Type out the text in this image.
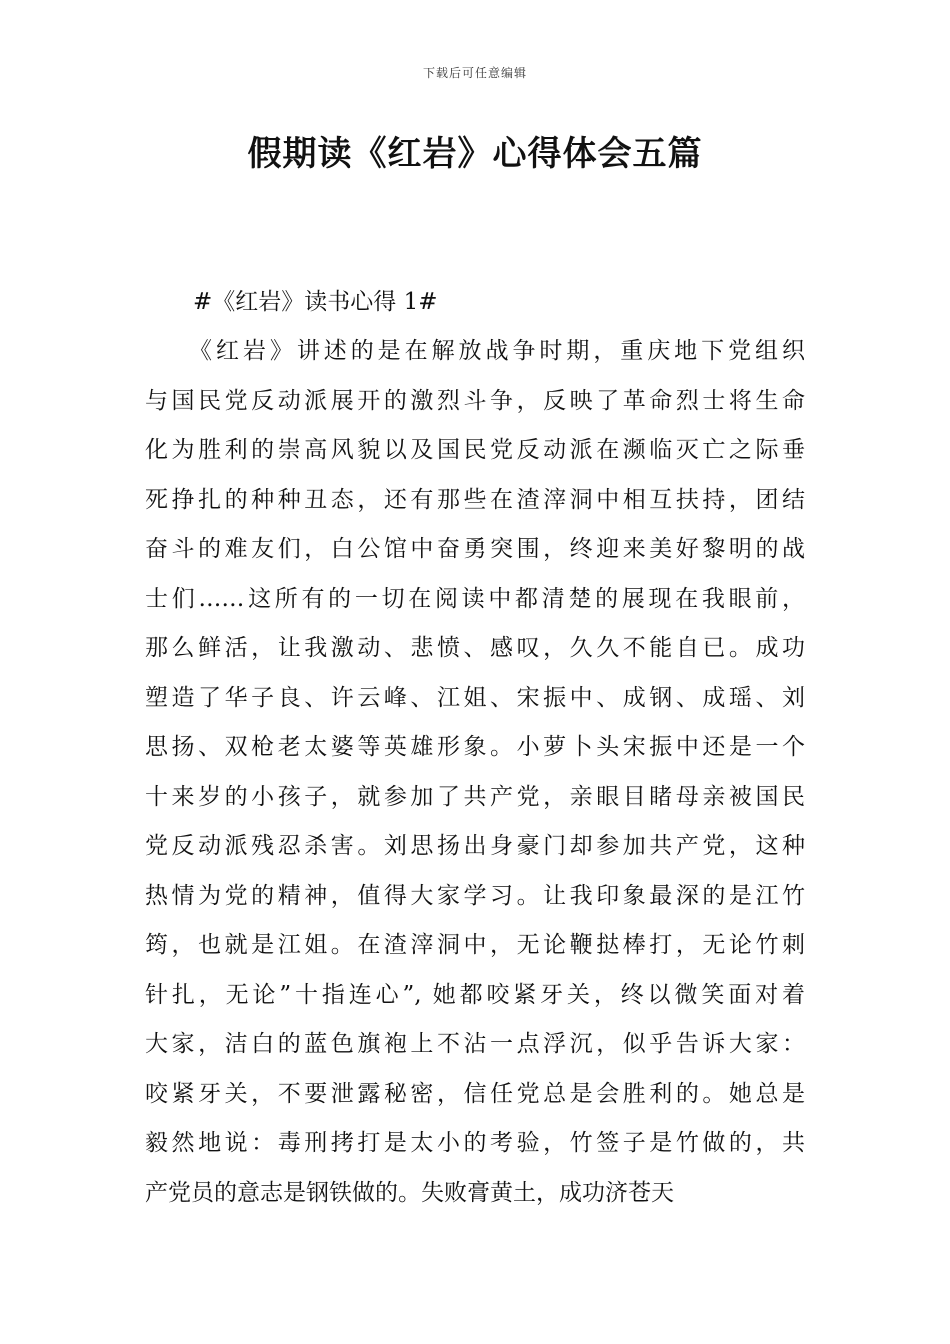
下载后可任意编辑
假期读《红岩》心得体会五篇
#《红岩》读书心得 1#
《红岩》讲述的是在解放战争时期，重庆地下党组织
与国民党反动派展开的激烈斗争，反映了革命烈士将生命
化为胜利的崇高风貌以及国民党反动派在濒临灭亡之际垂
死挣扎的种种丑态，还有那些在渣滓洞中相互扶持，团结
奋斗的难友们，白公馆中奋勇突围，终迎来美好黎明的战
士们……这所有的一切在阅读中都清楚的展现在我眼前，
那么鲜活，让我激动、悲愤、感叹，久久不能自已。成功
塑造了华子良、许云峰、江姐、宋振中、成钢、成瑶、刘
思扬、双枪老太婆等英雄形象。小萝卜头宋振中还是一个
十来岁的小孩子，就参加了共产党，亲眼目睹母亲被国民
党反动派残忍杀害。刘思扬出身豪门却参加共产党，这种
热情为党的精神，值得大家学习。让我印象最深的是江竹
筠，也就是江姐。在渣滓洞中，无论鞭挞棒打，无论竹刺
针扎，无论”十指连心”, 她都咬紧牙关，终以微笑面对着
大家，洁白的蓝色旗袍上不沾一点浮沉，似乎告诉大家：
咬紧牙关，不要泄露秘密，信任党总是会胜利的。她总是
毅然地说：毒刑拷打是太小的考验，竹签子是竹做的，共
产党员的意志是钢铁做的。失败膏黄土，成功济苍天
